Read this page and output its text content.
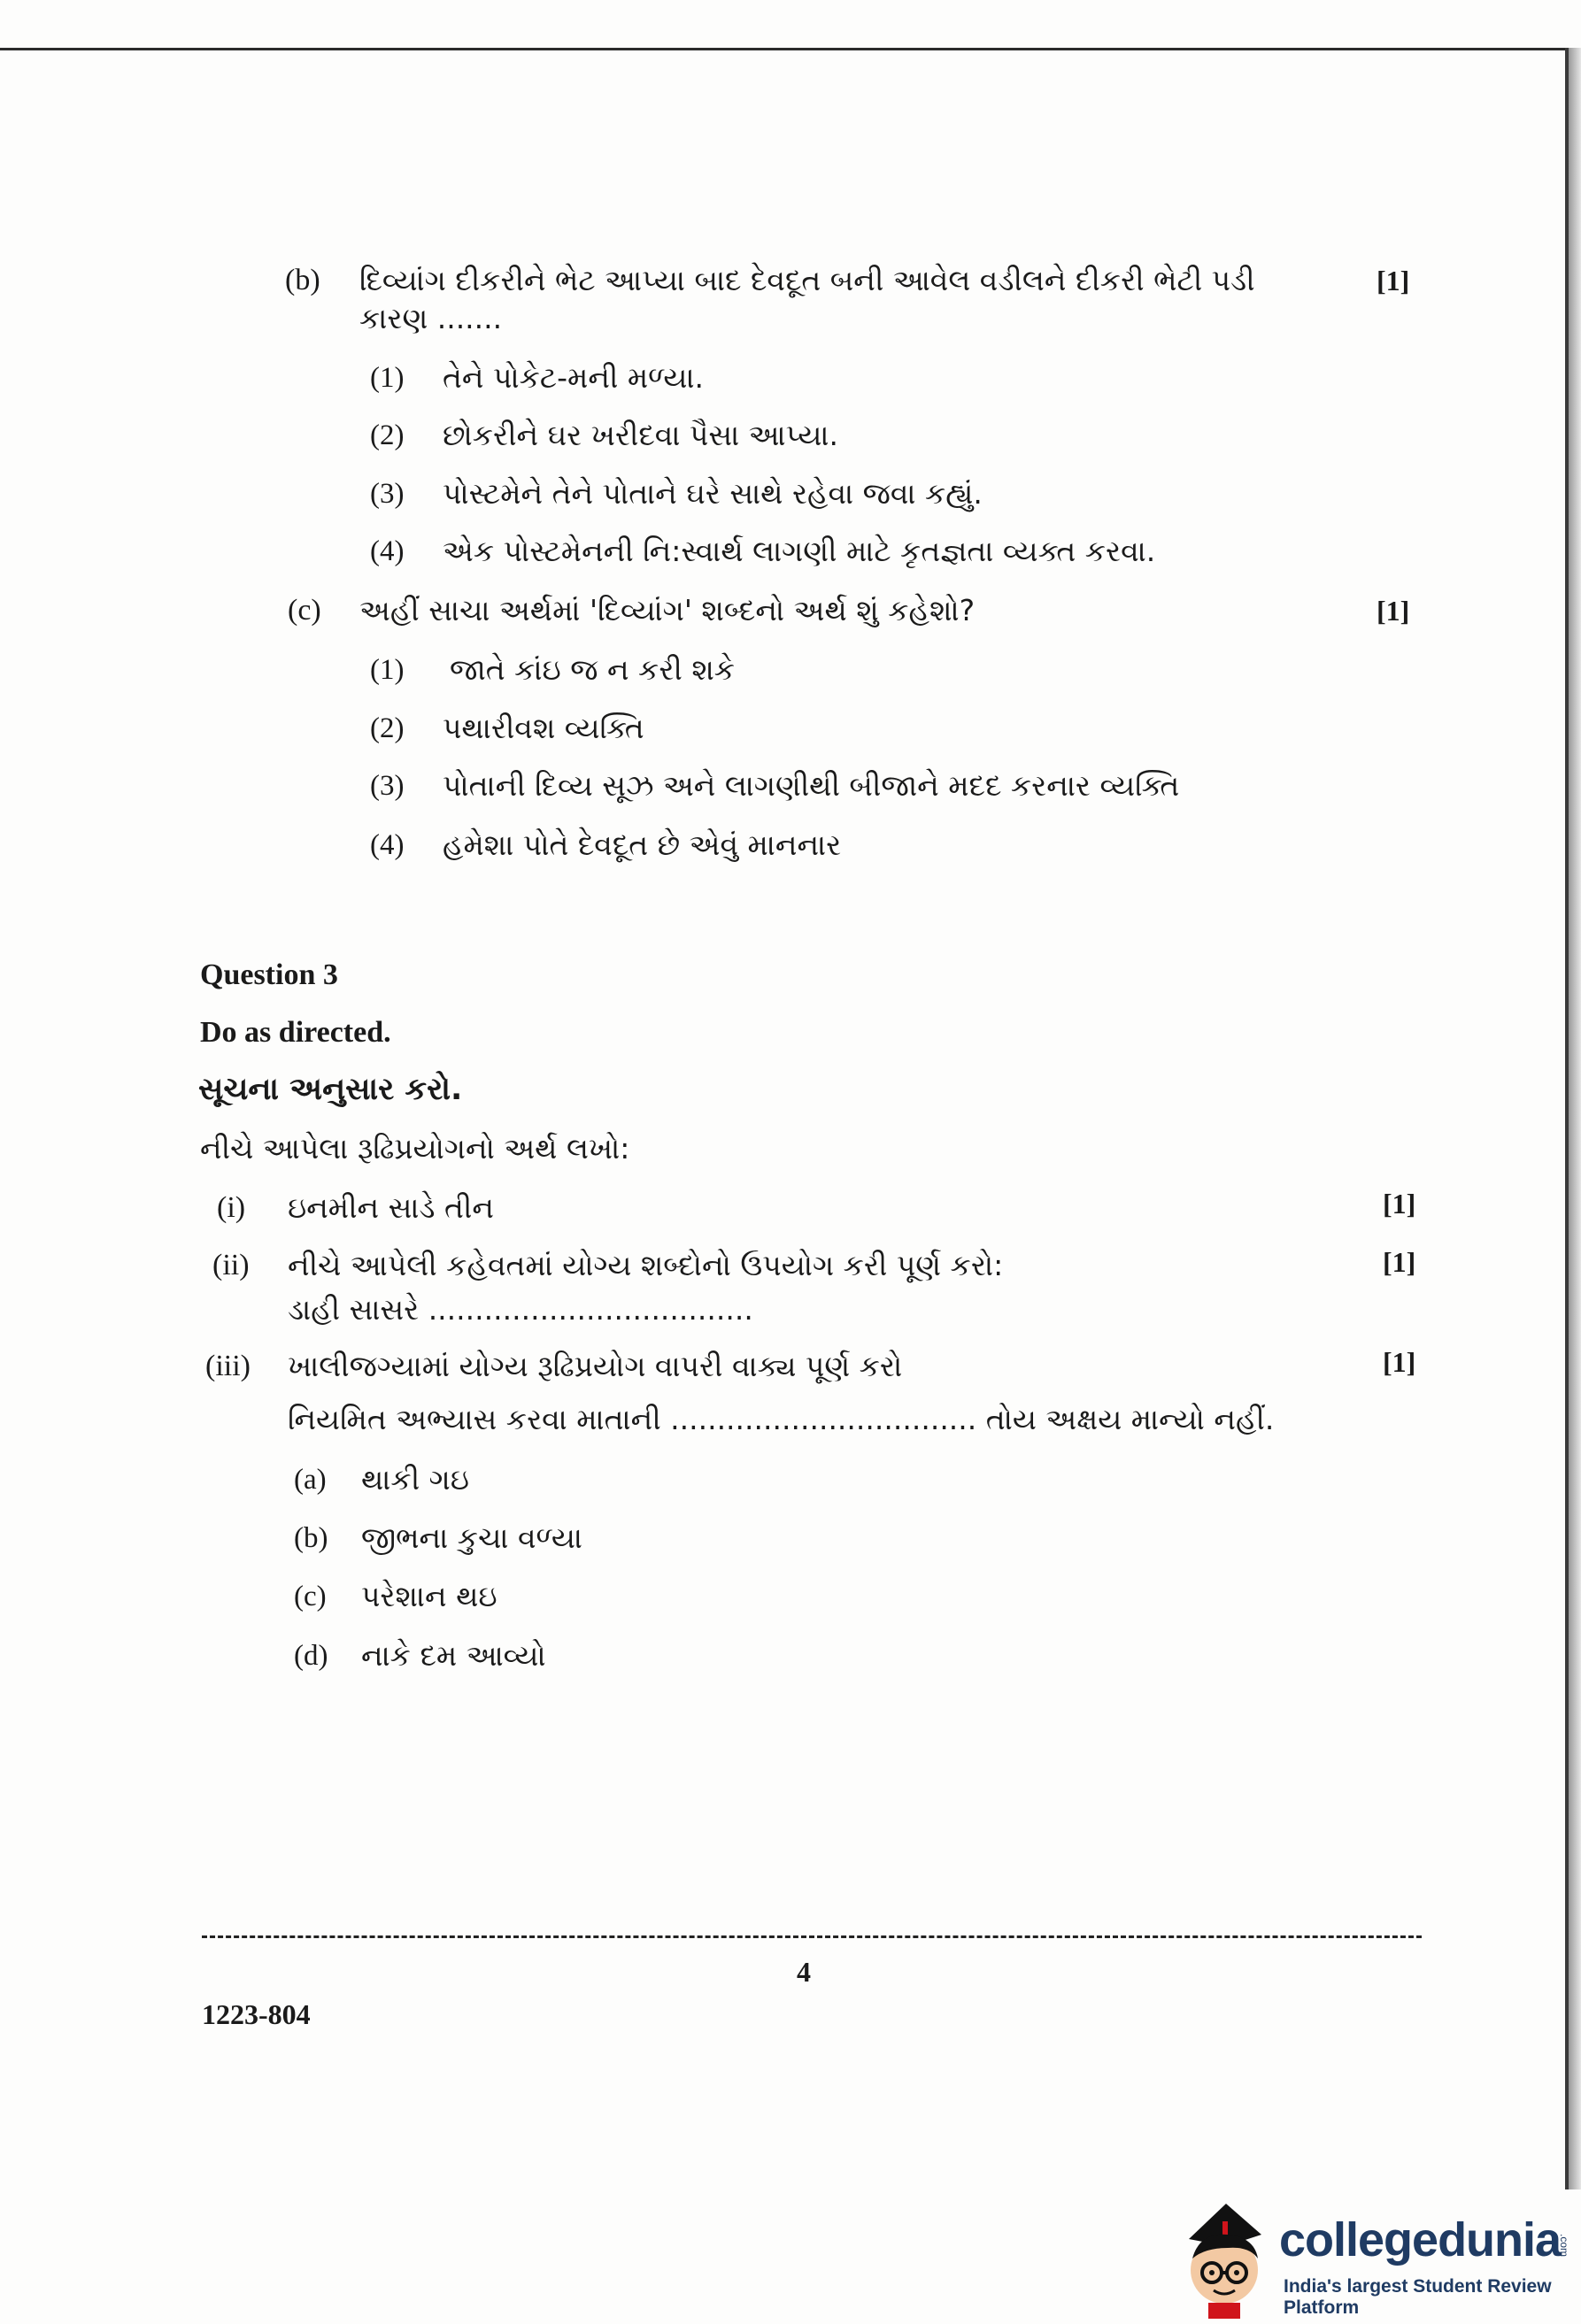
(b) દિવ્યાંગ દીકરીને ભેટ આપ્યા બાદ દેવદૂત બની આવેલ વડીલને દીકરી ભેટી પડી
કારણ .......
[1]
(1) તેને પોકેટ-મની મળ્યા.
(2) છોકરીને ઘર ખરીદવા પૈસા આપ્યા.
(3) પોસ્ટમેને તેને પોતાને ઘરે સાથે રહેવા જવા કહ્યું.
(4) એક પોસ્ટમેનની નિ:સ્વાર્થ લાગણી માટે કૃતજ્ઞતા વ્યક્ત કરવા.
(c) અહીં સાચા અર્થમાં 'દિવ્યાંગ' શબ્દનો અર્થ શું કહેશો?	[1]
(1) જાતે કાંઇ જ ન કરી શકે
(2) પથારીવશ વ્યક્તિ
(3) પોતાની દિવ્ય સૂઝ અને લાગણીથી બીજાને મદદ કરનાર વ્યક્તિ
(4) હમેશા પોતે દેવદૂત છે એવું માનનાર
Question 3
Do as directed.
સૂચના અનુસાર કરો.
નીચે આપેલા રૂઢિપ્રયોગનો અર્થ લખો:
(i) ઇનમીન સાડે તીન	[1]
(ii) નીચે આપેલી કહેવતમાં યોગ્ય શબ્દોનો ઉપયોગ કરી પૂર્ણ કરો:
ડાહી સાસરે ...................................
[1]
(iii) ખાલીજગ્યામાં યોગ્ય રૂઢિપ્રયોગ વાપરી વાક્ય પૂર્ણ કરો
નિયમિત અભ્યાસ કરવા માતાની ................................. તોય અક્ષય માન્યો નહીં.
[1]
(a) થાકી ગઇ
(b) જીભના કુચા વળ્યા
(c) પરેશાન થઇ
(d) નાકે દમ આવ્યો
4
1223-804
collegedunia
.com
India's largest Student Review Platform
